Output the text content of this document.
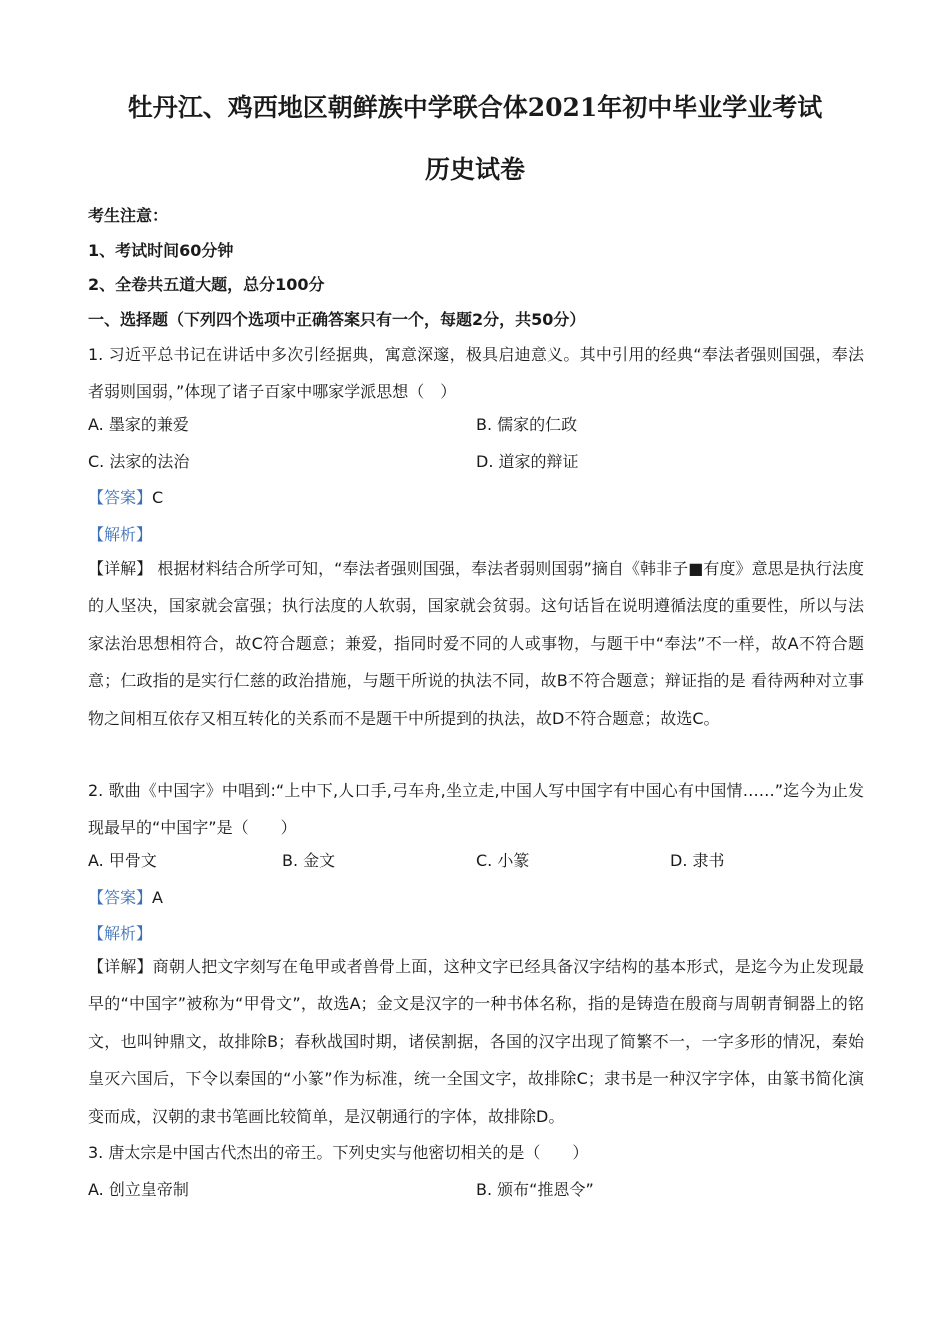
牡丹江、鸡西地区朝鲜族中学联合体2021年初中毕业学业考试
历史试卷
考生注意：
1、考试时间60分钟
2、全卷共五道大题，总分100分
一、选择题（下列四个选项中正确答案只有一个，每题2分，共50分）
1. 习近平总书记在讲话中多次引经据典，寓意深邃，极具启迪意义。其中引用的经典“奉法者强则国强，奉法者弱则国弱，”体现了诸子百家中哪家学派思想（　）
A. 墨家的兼爱	B. 儒家的仁政
C. 法家的法治	D. 道家的辩证
【答案】C
【解析】
【详解】 根据材料结合所学可知，“奉法者强则国强，奉法者弱则国弱”摘自《韩非子■有度》意思是执行法度的人坚决，国家就会富强；执行法度的人软弱，国家就会贫弱。这句话旨在说明遵循法度的重要性，所以与法家法治思想相符合，故C符合题意；兼爱，指同时爱不同的人或事物，与题干中“奉法”不一样，故A不符合题意；仁政指的是实行仁慈的政治措施，与题干所说的执法不同，故B不符合题意；辩证指的是 看待两种对立事物之间相互依存又相互转化的关系而不是题干中所提到的执法，故D不符合题意；故选C。
2. 歌曲《中国字》中唱到:“上中下,人口手,弓车舟,坐立走,中国人写中国字有中国心有中国情……”迄今为止发现最早的“中国字”是（　　）
A. 甲骨文	B. 金文	C. 小篆	D. 隶书
【答案】A
【解析】
【详解】商朝人把文字刻写在龟甲或者兽骨上面，这种文字已经具备汉字结构的基本形式，是迄今为止发现最早的“中国字”被称为“甲骨文”，故选A；金文是汉字的一种书体名称，指的是铸造在殷商与周朝青铜器上的铭文，也叫钟鼎文，故排除B；春秋战国时期，诸侯割据，各国的汉字出现了简繁不一，一字多形的情况，秦始皇灭六国后，下令以秦国的“小篆”作为标准，统一全国文字，故排除C；隶书是一种汉字字体，由篆书简化演变而成，汉朝的隶书笔画比较简单，是汉朝通行的字体，故排除D。
3. 唐太宗是中国古代杰出的帝王。下列史实与他密切相关的是（　　）
A. 创立皇帝制	B. 颁布“推恩令”
